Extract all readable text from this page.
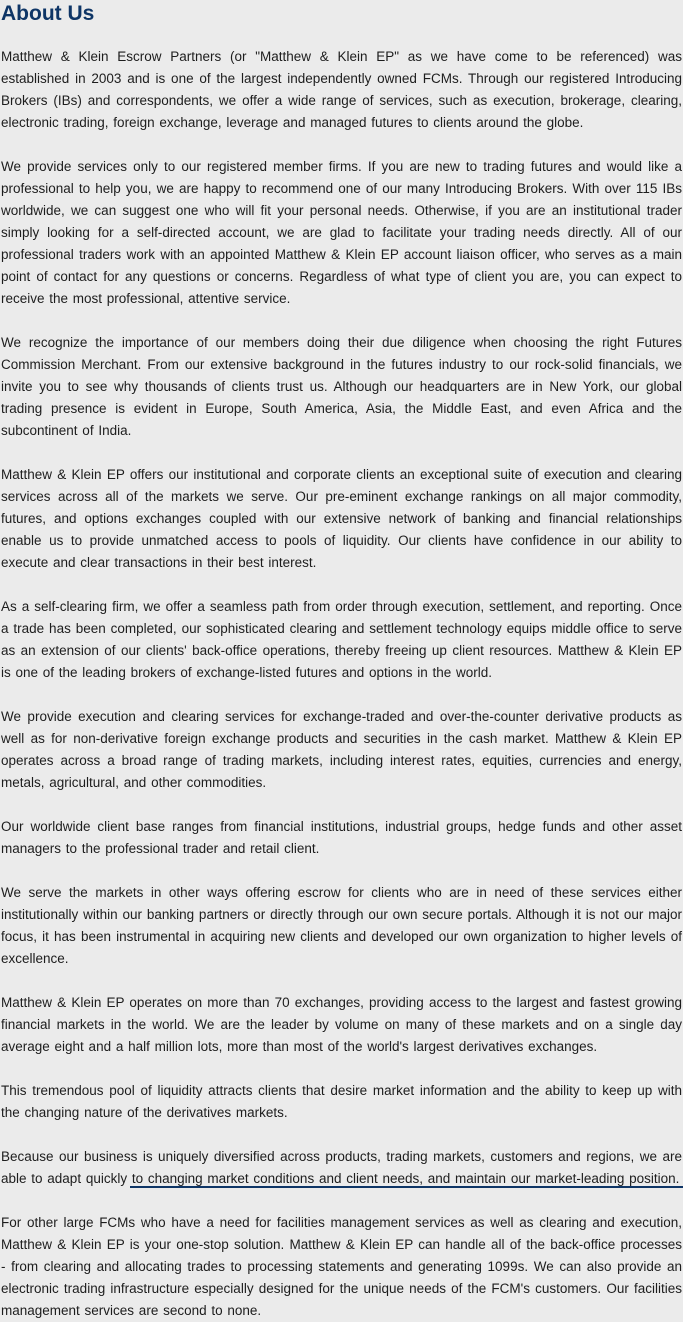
About Us

Matthew & Klein Escrow Partners (or "Matthew & Klein EP" as we have come to be referenced) was established in 2003 and is one of the largest independently owned FCMs. Through our registered Introducing Brokers (IBs) and correspondents, we offer a wide range of services, such as execution, brokerage, clearing, electronic trading, foreign exchange, leverage and managed futures to clients around the globe.

We provide services only to our registered member firms. If you are new to trading futures and would like a professional to help you, we are happy to recommend one of our many Introducing Brokers. With over 115 IBs worldwide, we can suggest one who will fit your personal needs. Otherwise, if you are an institutional trader simply looking for a self-directed account, we are glad to facilitate your trading needs directly. All of our professional traders work with an appointed Matthew & Klein EP account liaison officer, who serves as a main point of contact for any questions or concerns. Regardless of what type of client you are, you can expect to receive the most professional, attentive service.

We recognize the importance of our members doing their due diligence when choosing the right Futures Commission Merchant. From our extensive background in the futures industry to our rock-solid financials, we invite you to see why thousands of clients trust us. Although our headquarters are in New York, our global trading presence is evident in Europe, South America, Asia, the Middle East, and even Africa and the subcontinent of India.

Matthew & Klein EP offers our institutional and corporate clients an exceptional suite of execution and clearing services across all of the markets we serve. Our pre-eminent exchange rankings on all major commodity, futures, and options exchanges coupled with our extensive network of banking and financial relationships enable us to provide unmatched access to pools of liquidity. Our clients have confidence in our ability to execute and clear transactions in their best interest.

As a self-clearing firm, we offer a seamless path from order through execution, settlement, and reporting. Once a trade has been completed, our sophisticated clearing and settlement technology equips middle office to serve as an extension of our clients' back-office operations, thereby freeing up client resources. Matthew & Klein EP is one of the leading brokers of exchange-listed futures and options in the world.

We provide execution and clearing services for exchange-traded and over-the-counter derivative products as well as for non-derivative foreign exchange products and securities in the cash market. Matthew & Klein EP operates across a broad range of trading markets, including interest rates, equities, currencies and energy, metals, agricultural, and other commodities.

Our worldwide client base ranges from financial institutions, industrial groups, hedge funds and other asset managers to the professional trader and retail client.

We serve the markets in other ways offering escrow for clients who are in need of these services either institutionally within our banking partners or directly through our own secure portals. Although it is not our major focus, it has been instrumental in acquiring new clients and developed our own organization to higher levels of excellence.

Matthew & Klein EP operates on more than 70 exchanges, providing access to the largest and fastest growing financial markets in the world. We are the leader by volume on many of these markets and on a single day average eight and a half million lots, more than most of the world's largest derivatives exchanges.

This tremendous pool of liquidity attracts clients that desire market information and the ability to keep up with the changing nature of the derivatives markets.

Because our business is uniquely diversified across products, trading markets, customers and regions, we are able to adapt quickly to changing market conditions and client needs, and maintain our market-leading position.

For other large FCMs who have a need for facilities management services as well as clearing and execution, Matthew & Klein EP is your one-stop solution. Matthew & Klein EP can handle all of the back-office processes - from clearing and allocating trades to processing statements and generating 1099s. We can also provide an electronic trading infrastructure especially designed for the unique needs of the FCM's customers. Our facilities management services are second to none.
